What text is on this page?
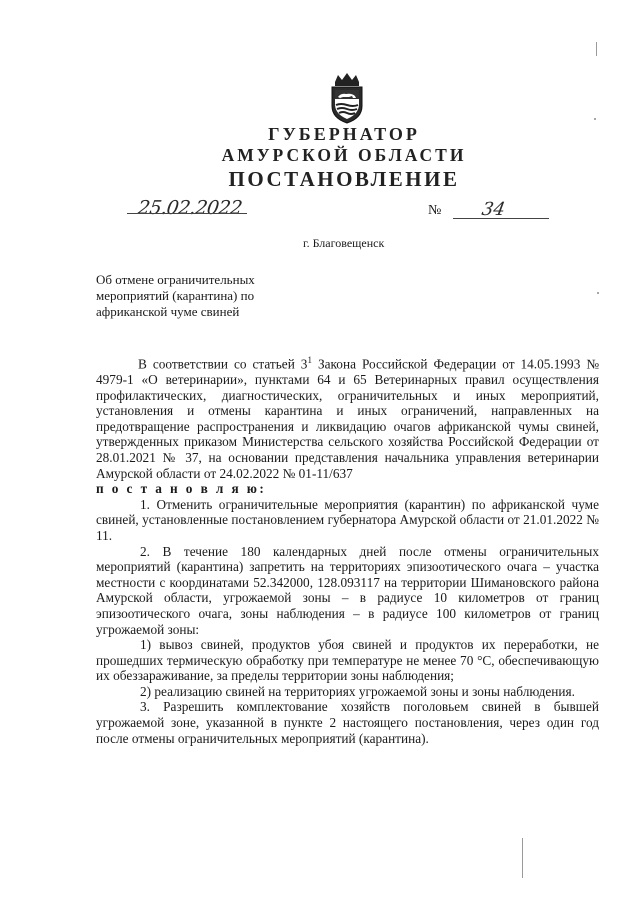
ГУБЕРНАТОР
АМУРСКОЙ ОБЛАСТИ
ПОСТАНОВЛЕНИЕ
25.02.2022	№ 34
г. Благовещенск
Об отмене ограничительных мероприятий (карантина) по африканской чуме свиней

В соответствии со статьей $3^1$ Закона Российской Федерации от 14.05.1993 № 4979-1 «О ветеринарии», пунктами 64 и 65 Ветеринарных правил осуществления профилактических, диагностических, ограничительных и иных мероприятий, установления и отмены карантина и иных ограничений, направленных на предотвращение распространения и ликвидацию очагов африканской чумы свиней, утвержденных приказом Министерства сельского хозяйства Российской Федерации от 28.01.2021 № 37, на основании представления начальника управления ветеринарии Амурской области от 24.02.2022 № 01-11/637

п о с т а н о в л я ю:

1. Отменить ограничительные мероприятия (карантин) по африканской чуме свиней, установленные постановлением губернатора Амурской области от 21.01.2022 № 11.

2. В течение 180 календарных дней после отмены ограничительных мероприятий (карантина) запретить на территориях эпизоотического очага – участка местности с координатами 52.342000, 128.093117 на территории Шимановского района Амурской области, угрожаемой зоны – в радиусе 10 километров от границ эпизоотического очага, зоны наблюдения – в радиусе 100 километров от границ угрожаемой зоны:

1) вывоз свиней, продуктов убоя свиней и продуктов их переработки, не прошедших термическую обработку при температуре не менее 70 °С, обеспечивающую их обеззараживание, за пределы территории зоны наблюдения;

2) реализацию свиней на территориях угрожаемой зоны и зоны наблюдения.

3. Разрешить комплектование хозяйств поголовьем свиней в бывшей угрожаемой зоне, указанной в пункте 2 настоящего постановления, через один год после отмены ограничительных мероприятий (карантина).
